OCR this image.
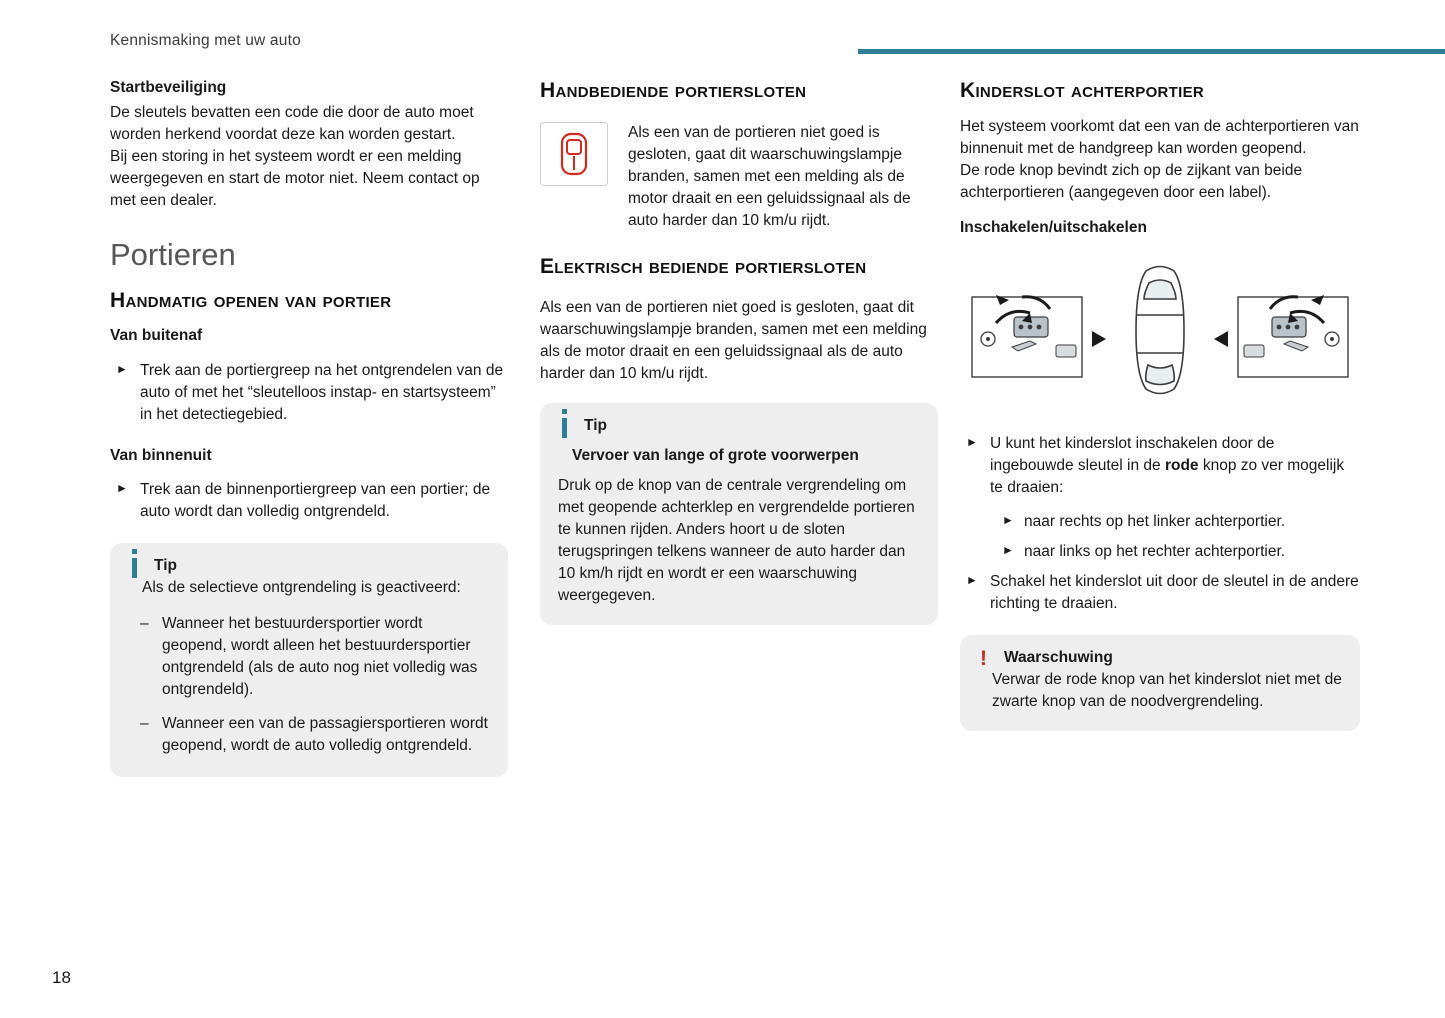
Kennismaking met uw auto
Startbeveiliging

De sleutels bevatten een code die door de auto moet worden herkend voordat deze kan worden gestart.

Bij een storing in het systeem wordt er een melding weergegeven en start de motor niet. Neem contact op met een dealer.

Portieren
Handmatig openen van portier
Van buitenaf
► Trek aan de portiergreep na het ontgrendelen van de auto of met het “sleutelloos instap- en startsysteem” in het detectiegebied.
Van binnenuit
► Trek aan de binnenportiergreep van een portier; de auto wordt dan volledig ontgrendeld.
Tip
Als de selectieve ontgrendeling is geactiveerd:
– Wanneer het bestuurdersportier wordt geopend, wordt alleen het bestuurdersportier ontgrendeld (als de auto nog niet volledig was ontgrendeld).
– Wanneer een van de passagiersportieren wordt geopend, wordt de auto volledig ontgrendeld.
Handbediende portiersloten
Als een van de portieren niet goed is gesloten, gaat dit waarschuwingslampje branden, samen met een melding als de motor draait en een geluidssignaal als de auto harder dan 10 km/u rijdt.
Elektrisch bediende portiersloten

Als een van de portieren niet goed is gesloten, gaat dit waarschuwingslampje branden, samen met een melding als de motor draait en een geluidssignaal als de auto harder dan 10 km/u rijdt.

Tip
Vervoer van lange of grote voorwerpen
Druk op de knop van de centrale vergrendeling om met geopende achterklep en vergrendelde portieren te kunnen rijden. Anders hoort u de sloten terugspringen telkens wanneer de auto harder dan 10 km/h rijdt en wordt er een waarschuwing weergegeven.
Kinderslot achterportier

Het systeem voorkomt dat een van de achterportieren van binnenuit met de handgreep kan worden geopend.

De rode knop bevindt zich op de zijkant van beide achterportieren (aangegeven door een label).

Inschakelen/uitschakelen
► U kunt het kinderslot inschakelen door de ingebouwde sleutel in de rode knop zo ver mogelijk te draaien:
► naar rechts op het linker achterportier.
► naar links op het rechter achterportier.
► Schakel het kinderslot uit door de sleutel in de andere richting te draaien.
! Waarschuwing
Verwar de rode knop van het kinderslot niet met de zwarte knop van de noodvergrendeling.
18
